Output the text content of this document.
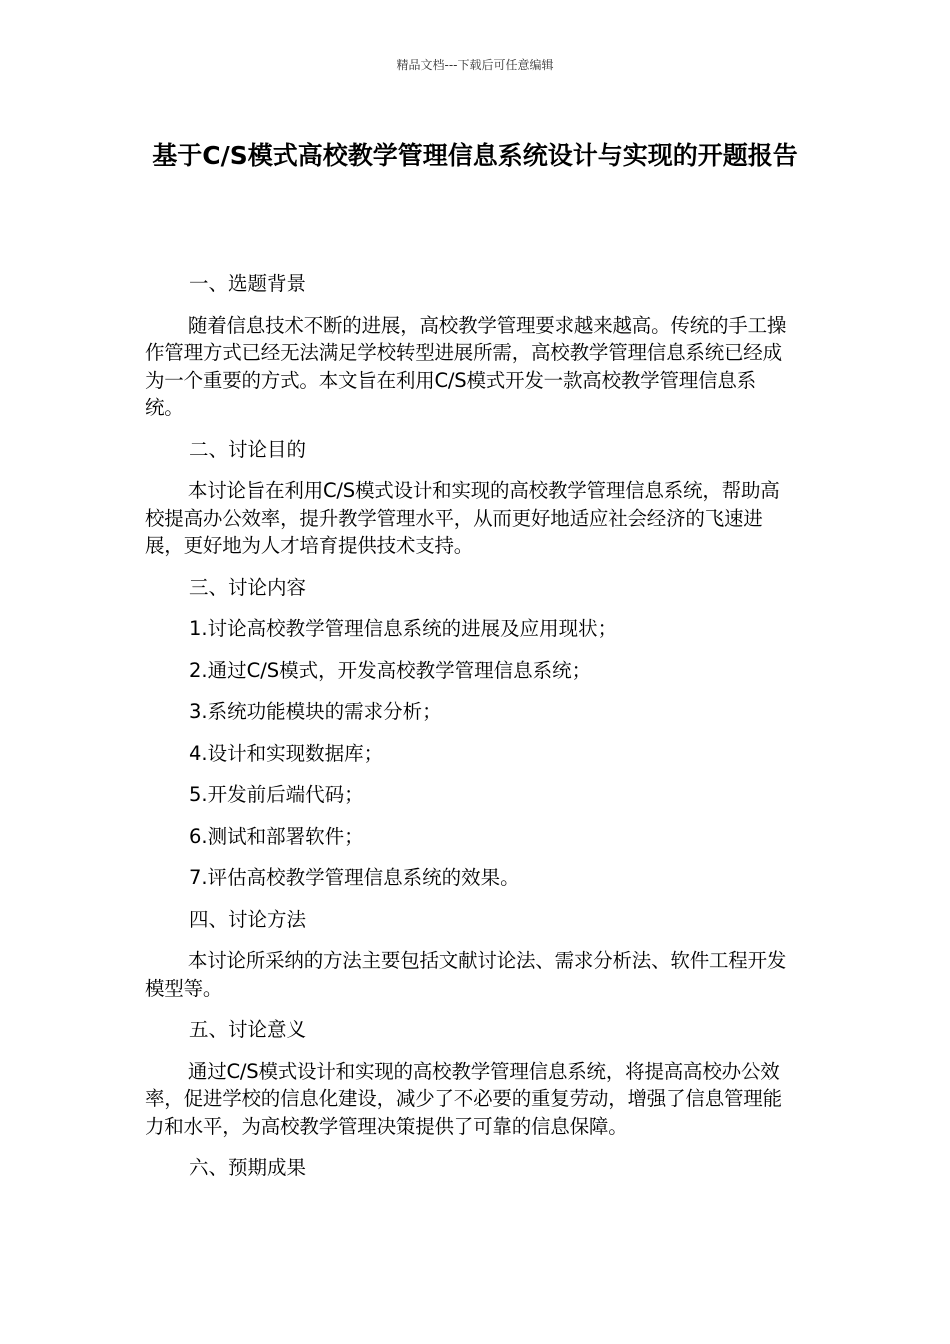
精品文档---下载后可任意编辑
基于C/S模式高校教学管理信息系统设计与实现的开题报告

一、选题背景

随着信息技术不断的进展，高校教学管理要求越来越高。传统的手工操作管理方式已经无法满足学校转型进展所需，高校教学管理信息系统已经成为一个重要的方式。本文旨在利用C/S模式开发一款高校教学管理信息系统。

二、讨论目的

本讨论旨在利用C/S模式设计和实现的高校教学管理信息系统，帮助高校提高办公效率，提升教学管理水平，从而更好地适应社会经济的飞速进展，更好地为人才培育提供技术支持。

三、讨论内容

1.讨论高校教学管理信息系统的进展及应用现状；

2.通过C/S模式，开发高校教学管理信息系统；

3.系统功能模块的需求分析；

4.设计和实现数据库；

5.开发前后端代码；

6.测试和部署软件；

7.评估高校教学管理信息系统的效果。

四、讨论方法

本讨论所采纳的方法主要包括文献讨论法、需求分析法、软件工程开发模型等。

五、讨论意义

通过C/S模式设计和实现的高校教学管理信息系统，将提高高校办公效率，促进学校的信息化建设，减少了不必要的重复劳动，增强了信息管理能力和水平，为高校教学管理决策提供了可靠的信息保障。

六、预期成果
